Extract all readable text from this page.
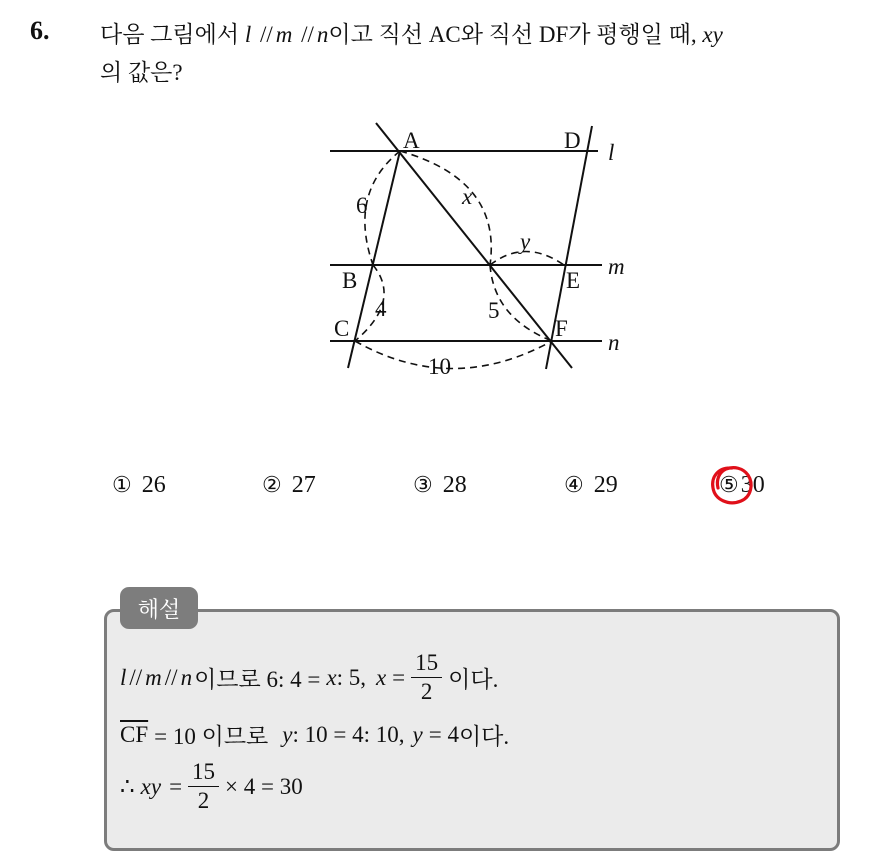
6. 다음 그림에서 l // m // n이고 직선 AC와 직선 DF가 평행일 때, xy
의 값은?
A
B
C
D
E
F
l
m
n
6
4
x
y
5
10
① 26	② 27	③ 28	④ 29	⑤30
해설
l // m // n 이므로 6: 4 = x : 5, $x = \frac{15}{2}$ 이다.
$\overline{CF} = 10$ 이므로 y : 10 = 4: 10, y = 4 이다.
∴ xy = $\frac{15}{2} \times 4 = 30$
